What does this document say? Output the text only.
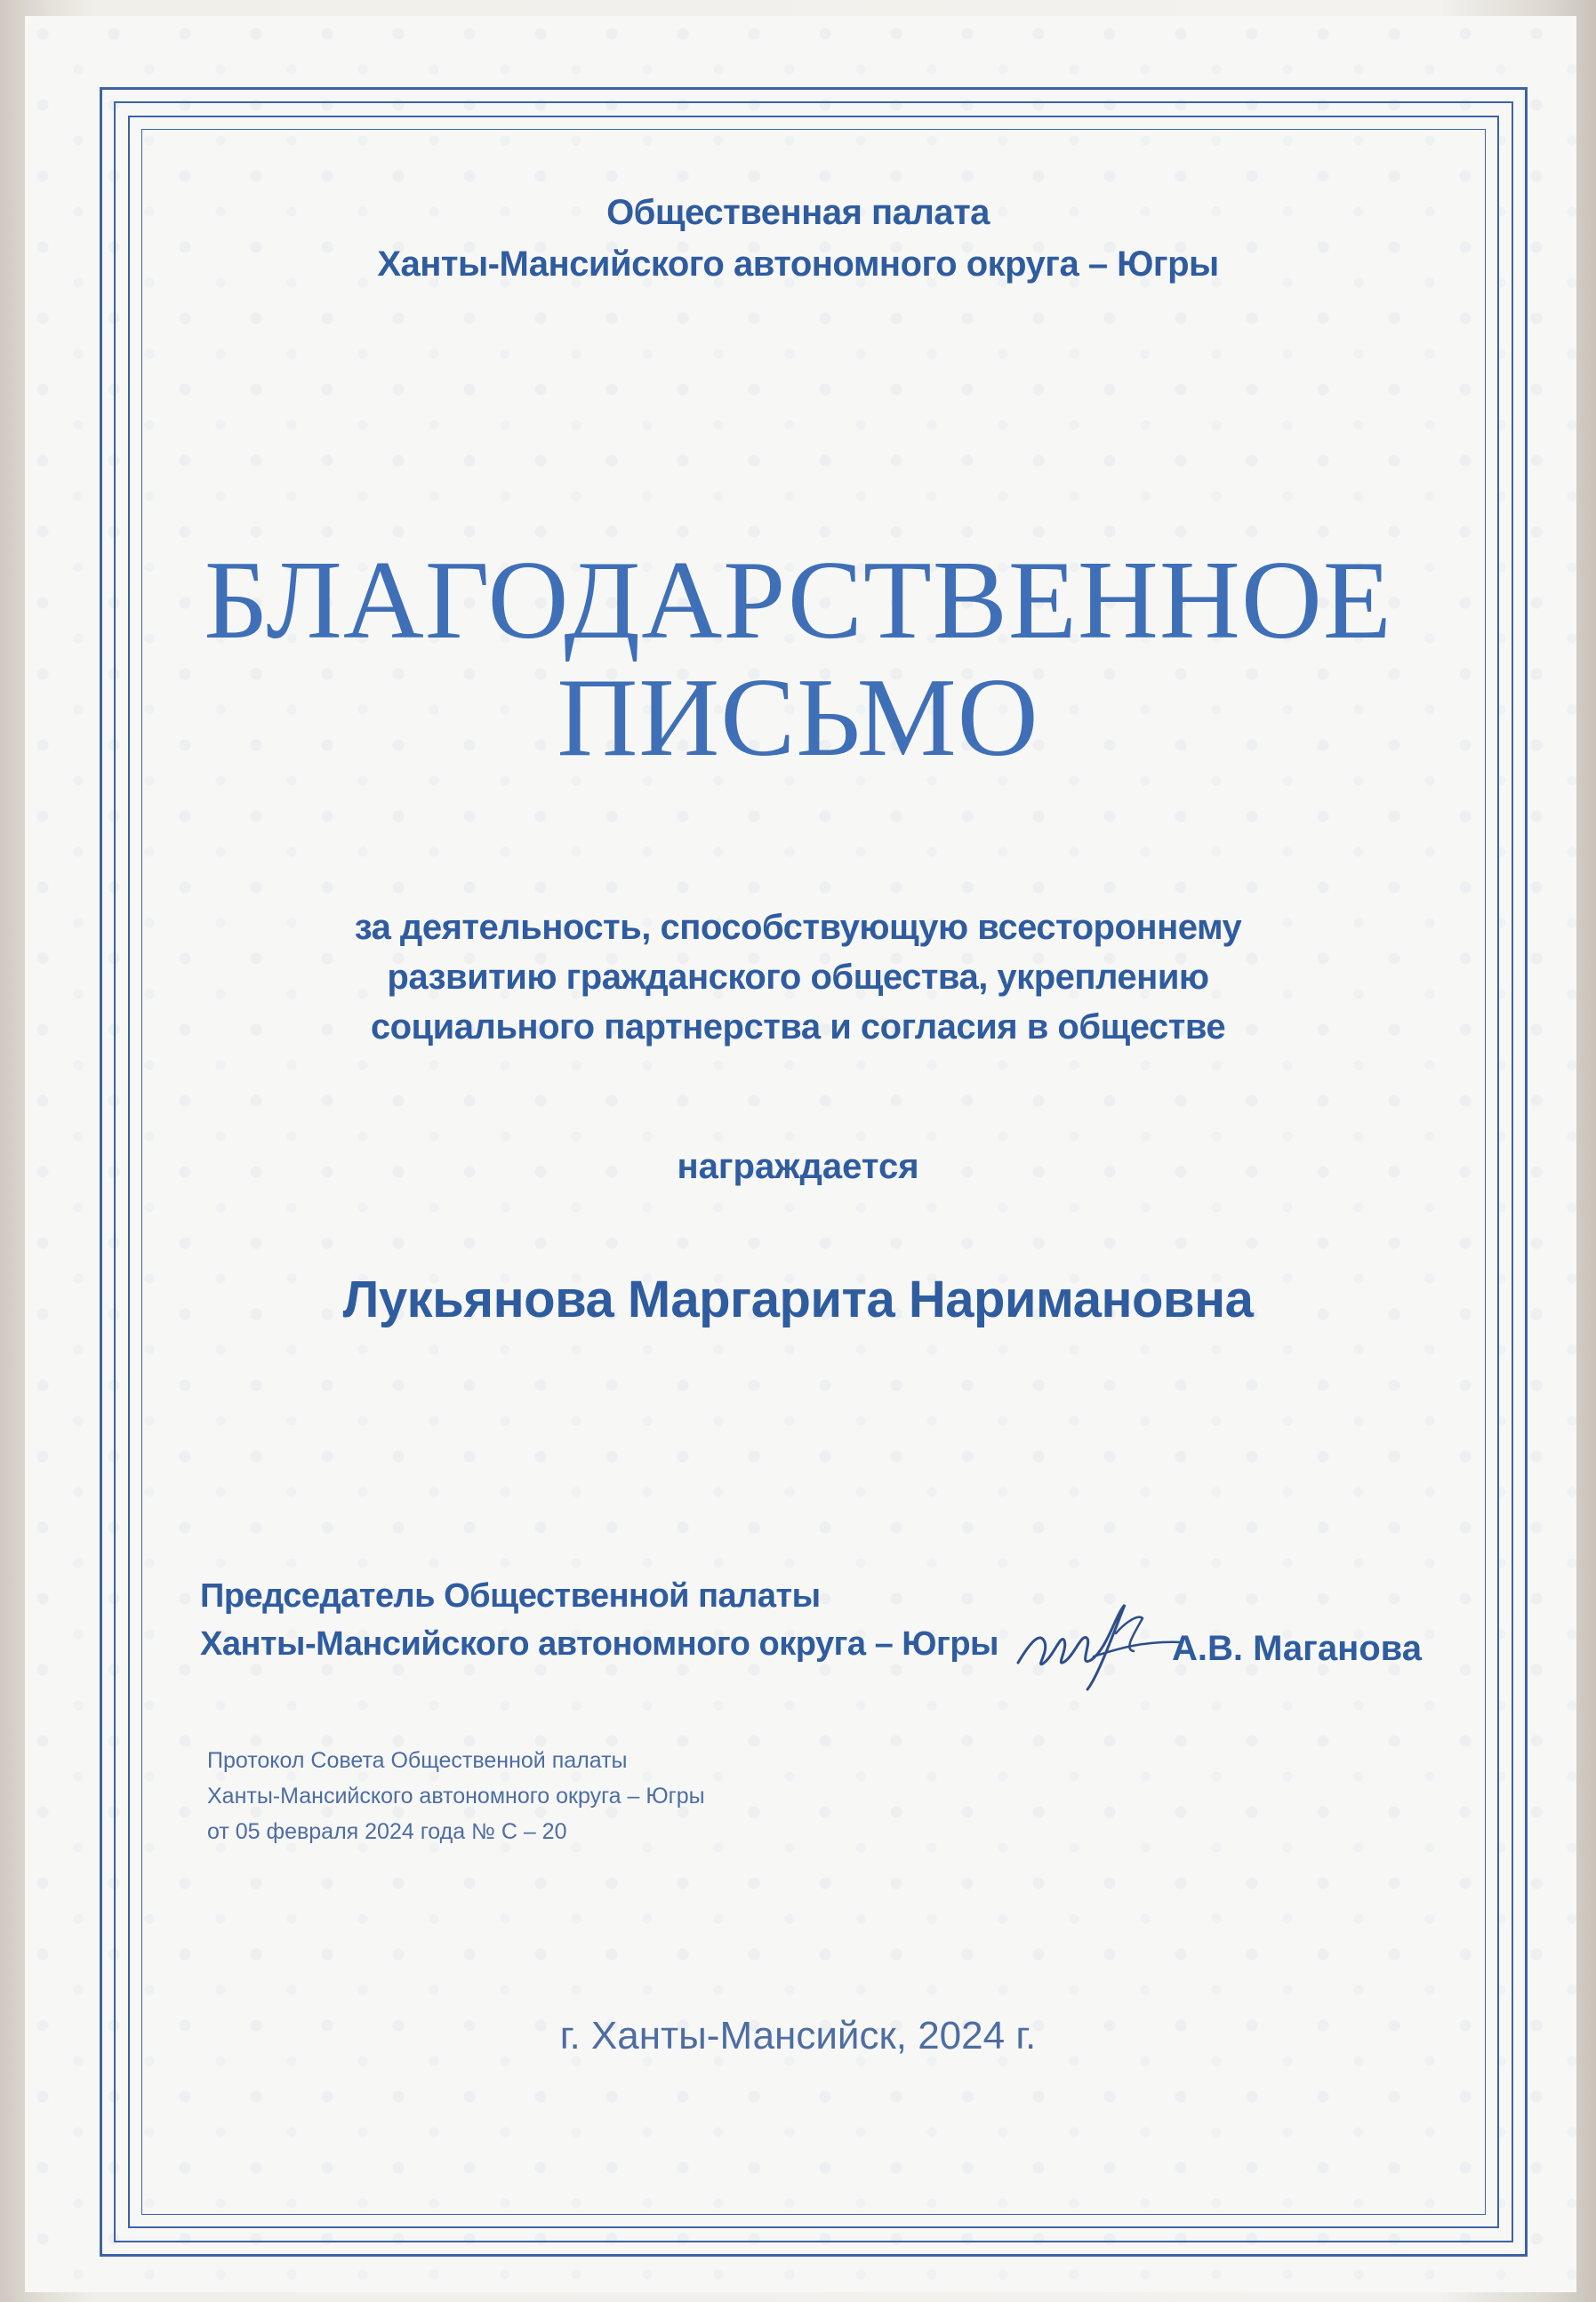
Общественная палата
Ханты-Мансийского автономного округа – Югры
БЛАГОДАРСТВЕННОЕ
ПИСЬМО
за деятельность, способствующую всестороннему
развитию гражданского общества, укреплению
социального партнерства и согласия в обществе
награждается
Лукьянова Маргарита Наримановна
Председатель Общественной палаты
Ханты-Мансийского автономного округа – Югры	А.В. Маганова
Протокол Совета Общественной палаты
Ханты-Мансийского автономного округа – Югры
от 05 февраля 2024 года № С – 20
г. Ханты-Мансийск, 2024 г.
